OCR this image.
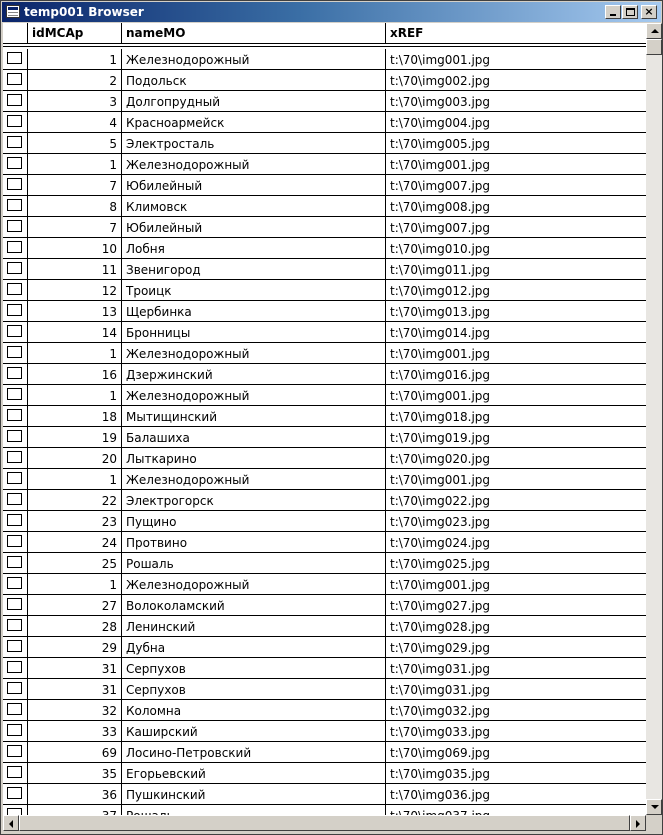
temp001 Browser	×
idMCAp	nameMO	xREF
1 Железнодорожный	t:\70\img001.jpg
2 Подольск	t:\70\img002.jpg
3 Долгопрудный	t:\70\img003.jpg
4 Красноармейск	t:\70\img004.jpg
5 Электросталь	t:\70\img005.jpg
1 Железнодорожный	t:\70\img001.jpg
7 Юбилейный	t:\70\img007.jpg
8 Климовск	t:\70\img008.jpg
7 Юбилейный	t:\70\img007.jpg
10 Лобня	t:\70\img010.jpg
11 Звенигород	t:\70\img011.jpg
12 Троицк	t:\70\img012.jpg
13 Щербинка	t:\70\img013.jpg
14 Бронницы	t:\70\img014.jpg
1 Железнодорожный	t:\70\img001.jpg
16 Дзержинский	t:\70\img016.jpg
1 Железнодорожный	t:\70\img001.jpg
18 Мытищинский	t:\70\img018.jpg
19 Балашиха	t:\70\img019.jpg
20 Лыткарино	t:\70\img020.jpg
1 Железнодорожный	t:\70\img001.jpg
22 Электрогорск	t:\70\img022.jpg
23 Пущино	t:\70\img023.jpg
24 Протвино	t:\70\img024.jpg
25 Рошаль	t:\70\img025.jpg
1 Железнодорожный	t:\70\img001.jpg
27 Волоколамский	t:\70\img027.jpg
28 Ленинский	t:\70\img028.jpg
29 Дубна	t:\70\img029.jpg
31 Серпухов	t:\70\img031.jpg
31 Серпухов	t:\70\img031.jpg
32 Коломна	t:\70\img032.jpg
33 Каширский	t:\70\img033.jpg
69 Лосино-Петровский	t:\70\img069.jpg
35 Егорьевский	t:\70\img035.jpg
36 Пушкинский	t:\70\img036.jpg
